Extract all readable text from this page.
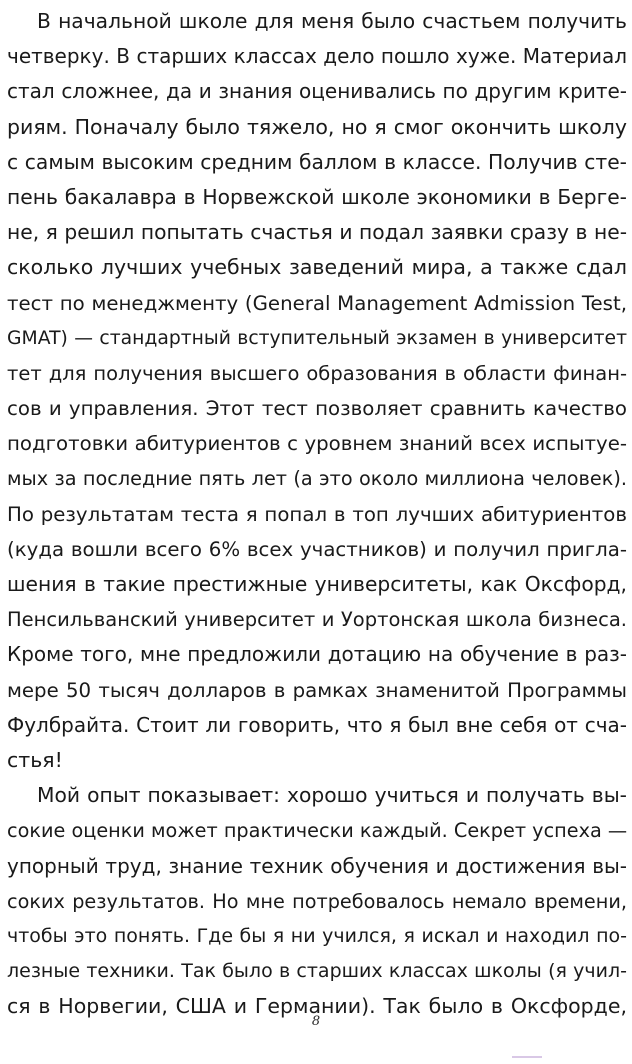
В начальной школе для меня было счастьем получить
четверку. В старших классах дело пошло хуже. Материал
стал сложнее, да и знания оценивались по другим крите-
риям. Поначалу было тяжело, но я смог окончить школу
с самым высоким средним баллом в классе. Получив сте-
пень бакалавра в Норвежской школе экономики в Берге-
не, я решил попытать счастья и подал заявки сразу в не-
сколько лучших учебных заведений мира, а также сдал
тест по менеджменту (General Management Admission Test,
GMAT) — стандартный вступительный экзамен в университет
тет для получения высшего образования в области финан-
сов и управления. Этот тест позволяет сравнить качество
подготовки абитуриентов с уровнем знаний всех испытуе-
мых за последние пять лет (а это около миллиона человек).
По результатам теста я попал в топ лучших абитуриентов
(куда вошли всего 6% всех участников) и получил пригла-
шения в такие престижные университеты, как Оксфорд,
Пенсильванский университет и Уортонская школа бизнеса.
Кроме того, мне предложили дотацию на обучение в раз-
мере 50 тысяч долларов в рамках знаменитой Программы
Фулбрайта. Стоит ли говорить, что я был вне себя от сча-
стья!
Мой опыт показывает: хорошо учиться и получать вы-
сокие оценки может практически каждый. Секрет успеха —
упорный труд, знание техник обучения и достижения вы-
соких результатов. Но мне потребовалось немало времени,
чтобы это понять. Где бы я ни учился, я искал и находил по-
лезные техники. Так было в старших классах школы (я учил-
ся в Норвегии, США и Германии). Так было в Оксфорде,
8
